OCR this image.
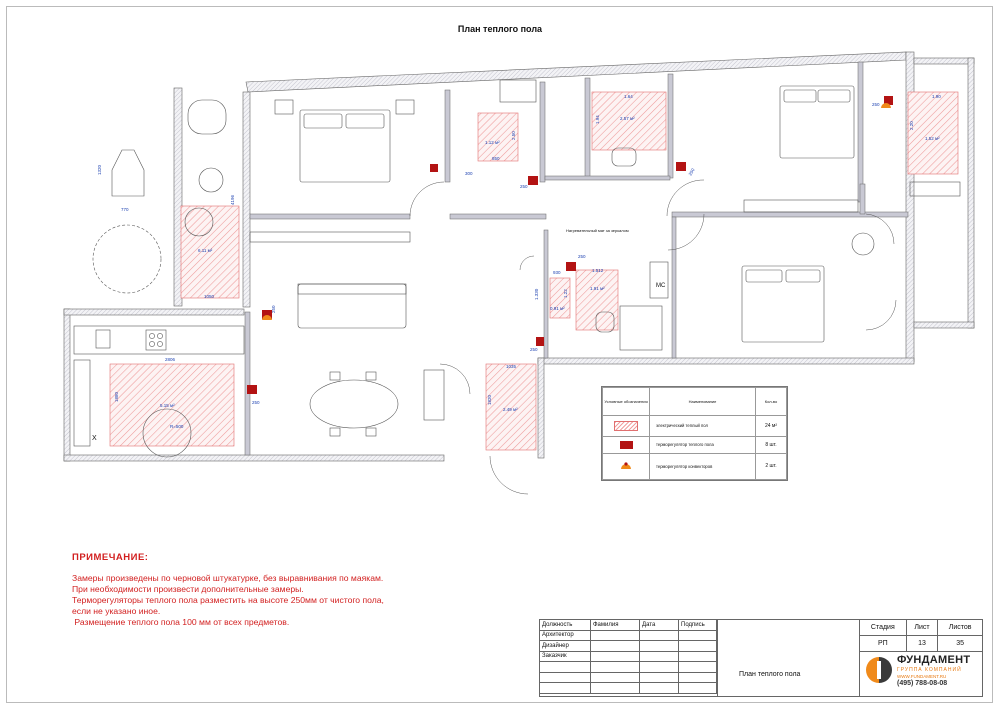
План теплого пола
1320
770
1050
4196
1880
2806
1035
1820
850
2.50
1.64
1.94
1.512
1.330
930
1.22
1.90
2.20
R=500
6.11 м²
5.15 м²
2.49 м²
1.12 м²
2.57 м²
1.91 м²
0.91 м²
1.52 м²
250
250
250
250
250
250
250
300
МС
X
Нагревательный мат за зеркалом
Условные обозначения	Наименование	Кол-во

	электрический теплый пол	24 м²

	терморегулятор теплого пола	8 шт.
	терморегулятор конвекторов	2 шт.
ПРИМЕЧАНИЕ:
Замеры произведены по черновой штукатурке, без выравнивания по маякам.
При необходимости произвести дополнительные замеры.
Терморегуляторы теплого пола разместить на высоте 250мм от чистого пола,
если не указано иное.
Размещение теплого пола 100 мм от всех предметов.	Должность	Фамилия	Дата	Подпись
Архитектор			
Дизайнер			
Заказчик			

Стадия	Лист	Листов
РП	13	35
План теплого пола
ФУНДАМЕНТ
ГРУППА КОМПАНИЙ
WWW.FUNDAMENT.RU
(495) 788-08-08
